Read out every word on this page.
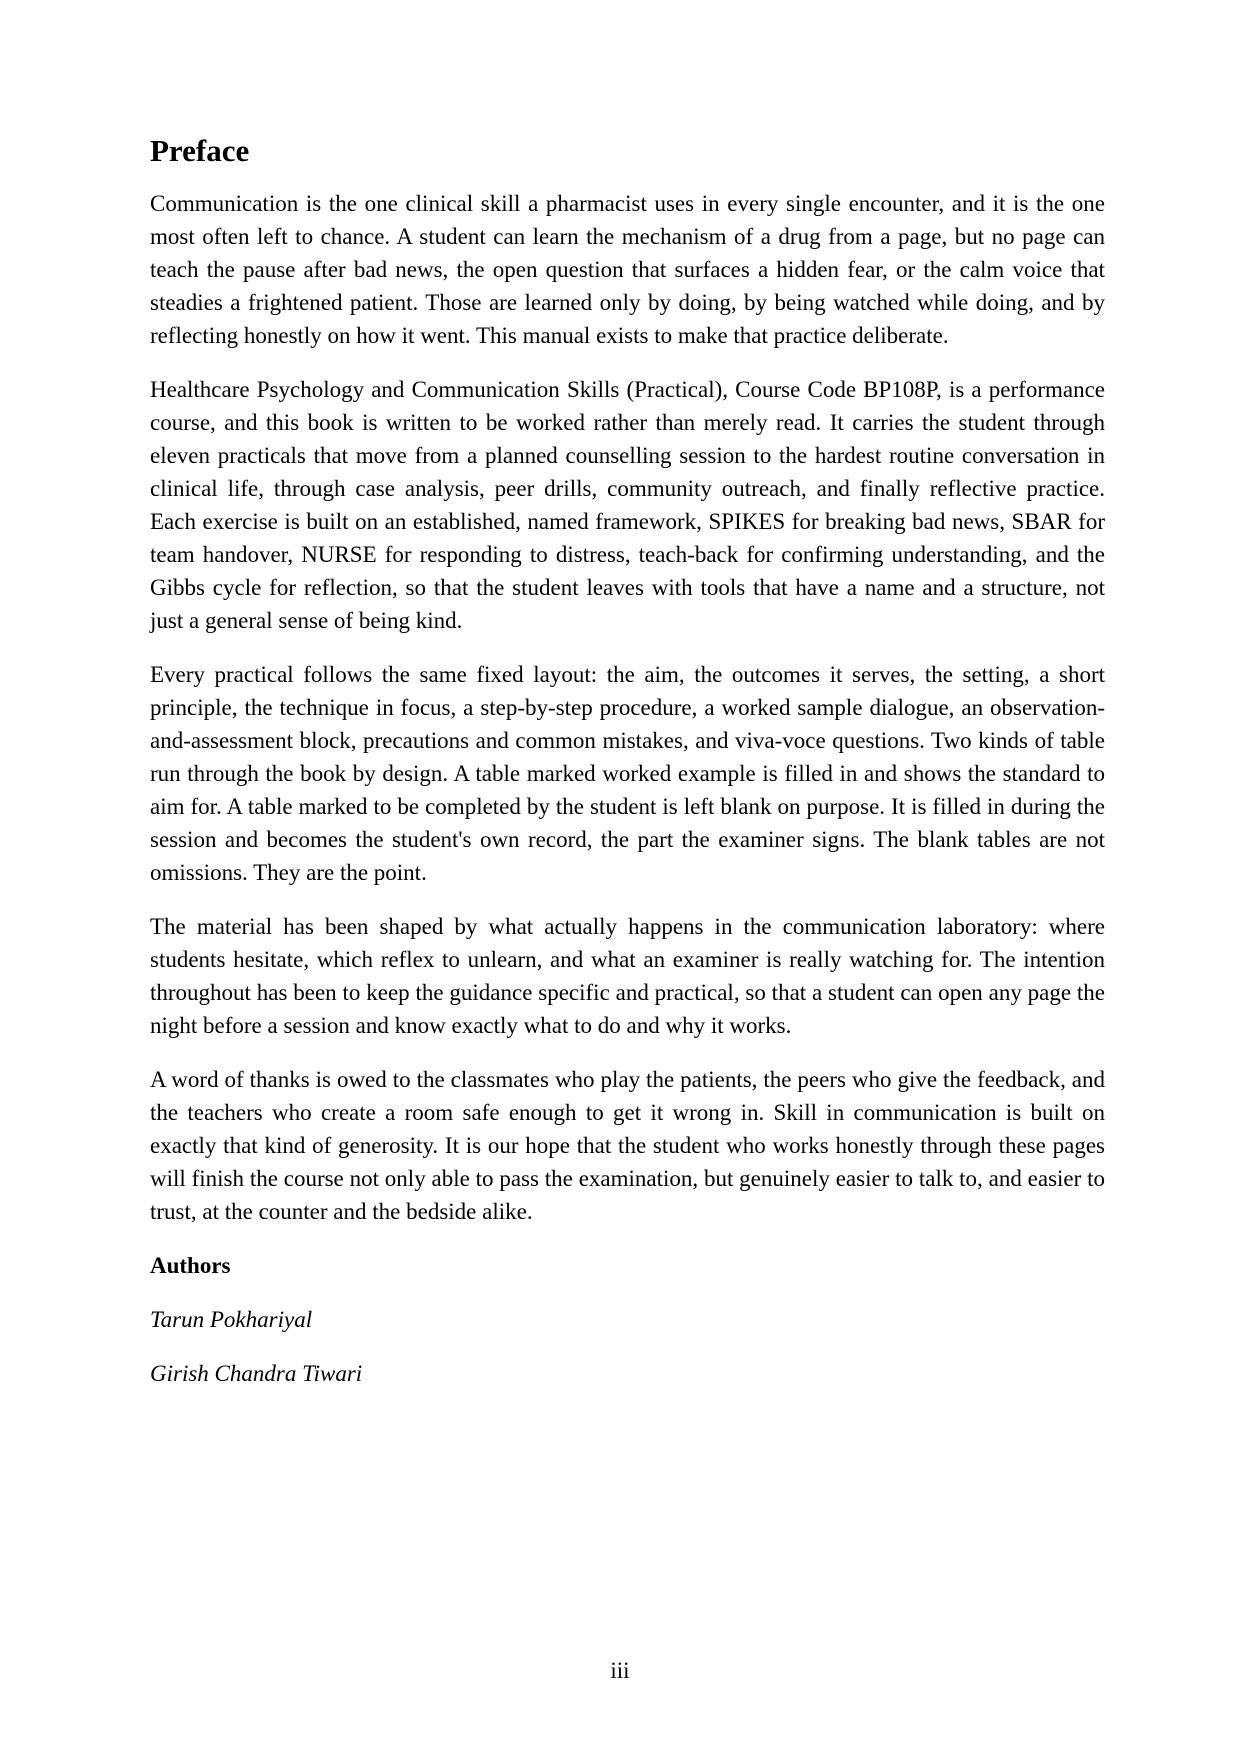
Preface

Communication is the one clinical skill a pharmacist uses in every single encounter, and it is the one most often left to chance. A student can learn the mechanism of a drug from a page, but no page can teach the pause after bad news, the open question that surfaces a hidden fear, or the calm voice that steadies a frightened patient. Those are learned only by doing, by being watched while doing, and by reflecting honestly on how it went. This manual exists to make that practice deliberate.

Healthcare Psychology and Communication Skills (Practical), Course Code BP108P, is a performance course, and this book is written to be worked rather than merely read. It carries the student through eleven practicals that move from a planned counselling session to the hardest routine conversation in clinical life, through case analysis, peer drills, community outreach, and finally reflective practice. Each exercise is built on an established, named framework, SPIKES for breaking bad news, SBAR for team handover, NURSE for responding to distress, teach-back for confirming understanding, and the Gibbs cycle for reflection, so that the student leaves with tools that have a name and a structure, not just a general sense of being kind.

Every practical follows the same fixed layout: the aim, the outcomes it serves, the setting, a short principle, the technique in focus, a step-by-step procedure, a worked sample dialogue, an observation-and-assessment block, precautions and common mistakes, and viva-voce questions. Two kinds of table run through the book by design. A table marked worked example is filled in and shows the standard to aim for. A table marked to be completed by the student is left blank on purpose. It is filled in during the session and becomes the student's own record, the part the examiner signs. The blank tables are not omissions. They are the point.

The material has been shaped by what actually happens in the communication laboratory: where students hesitate, which reflex to unlearn, and what an examiner is really watching for. The intention throughout has been to keep the guidance specific and practical, so that a student can open any page the night before a session and know exactly what to do and why it works.

A word of thanks is owed to the classmates who play the patients, the peers who give the feedback, and the teachers who create a room safe enough to get it wrong in. Skill in communication is built on exactly that kind of generosity. It is our hope that the student who works honestly through these pages will finish the course not only able to pass the examination, but genuinely easier to talk to, and easier to trust, at the counter and the bedside alike.

Authors
Tarun Pokhariyal
Girish Chandra Tiwari
iii
